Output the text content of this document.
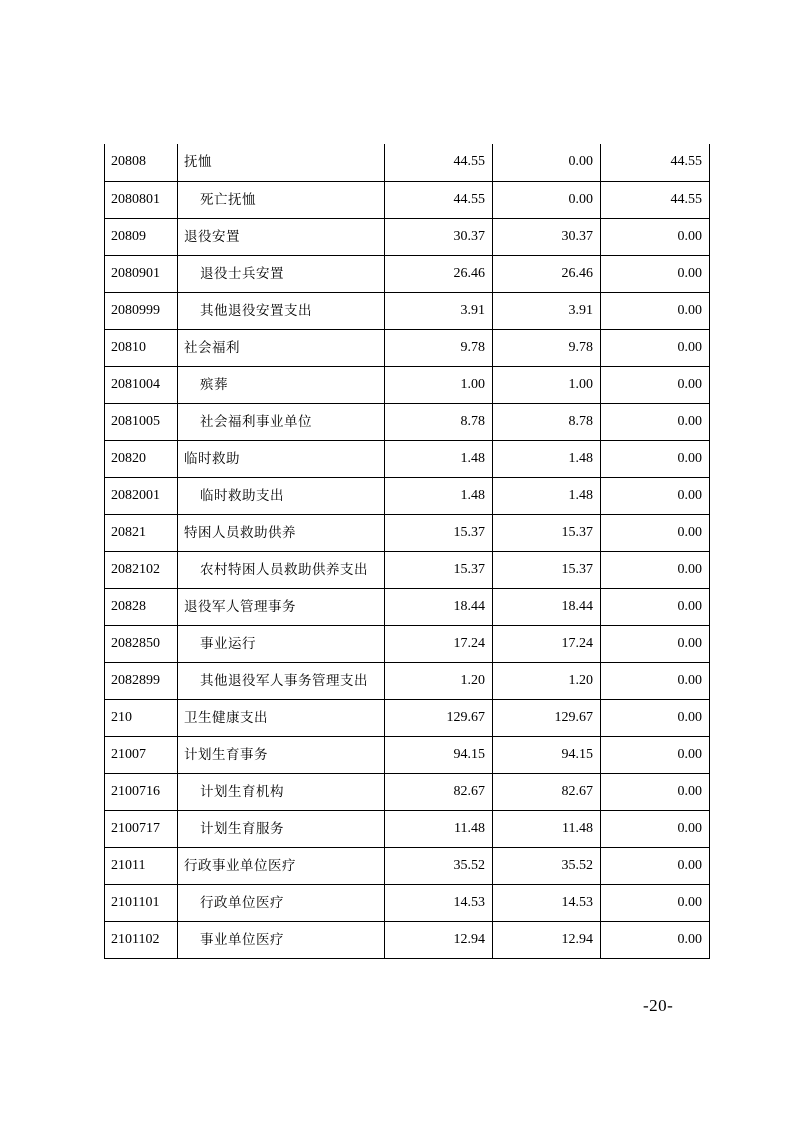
20808	抚恤	44.55	0.00	44.55
2080801	死亡抚恤	44.55	0.00	44.55
20809	退役安置	30.37	30.37	0.00
2080901	退役士兵安置	26.46	26.46	0.00
2080999	其他退役安置支出	3.91	3.91	0.00
20810	社会福利	9.78	9.78	0.00
2081004	殡葬	1.00	1.00	0.00
2081005	社会福利事业单位	8.78	8.78	0.00
20820	临时救助	1.48	1.48	0.00
2082001	临时救助支出	1.48	1.48	0.00
20821	特困人员救助供养	15.37	15.37	0.00
2082102	农村特困人员救助供养支出	15.37	15.37	0.00
20828	退役军人管理事务	18.44	18.44	0.00
2082850	事业运行	17.24	17.24	0.00
2082899	其他退役军人事务管理支出	1.20	1.20	0.00
210	卫生健康支出	129.67	129.67	0.00
21007	计划生育事务	94.15	94.15	0.00
2100716	计划生育机构	82.67	82.67	0.00
2100717	计划生育服务	11.48	11.48	0.00
21011	行政事业单位医疗	35.52	35.52	0.00
2101101	行政单位医疗	14.53	14.53	0.00
2101102	事业单位医疗	12.94	12.94	0.00
-20-
